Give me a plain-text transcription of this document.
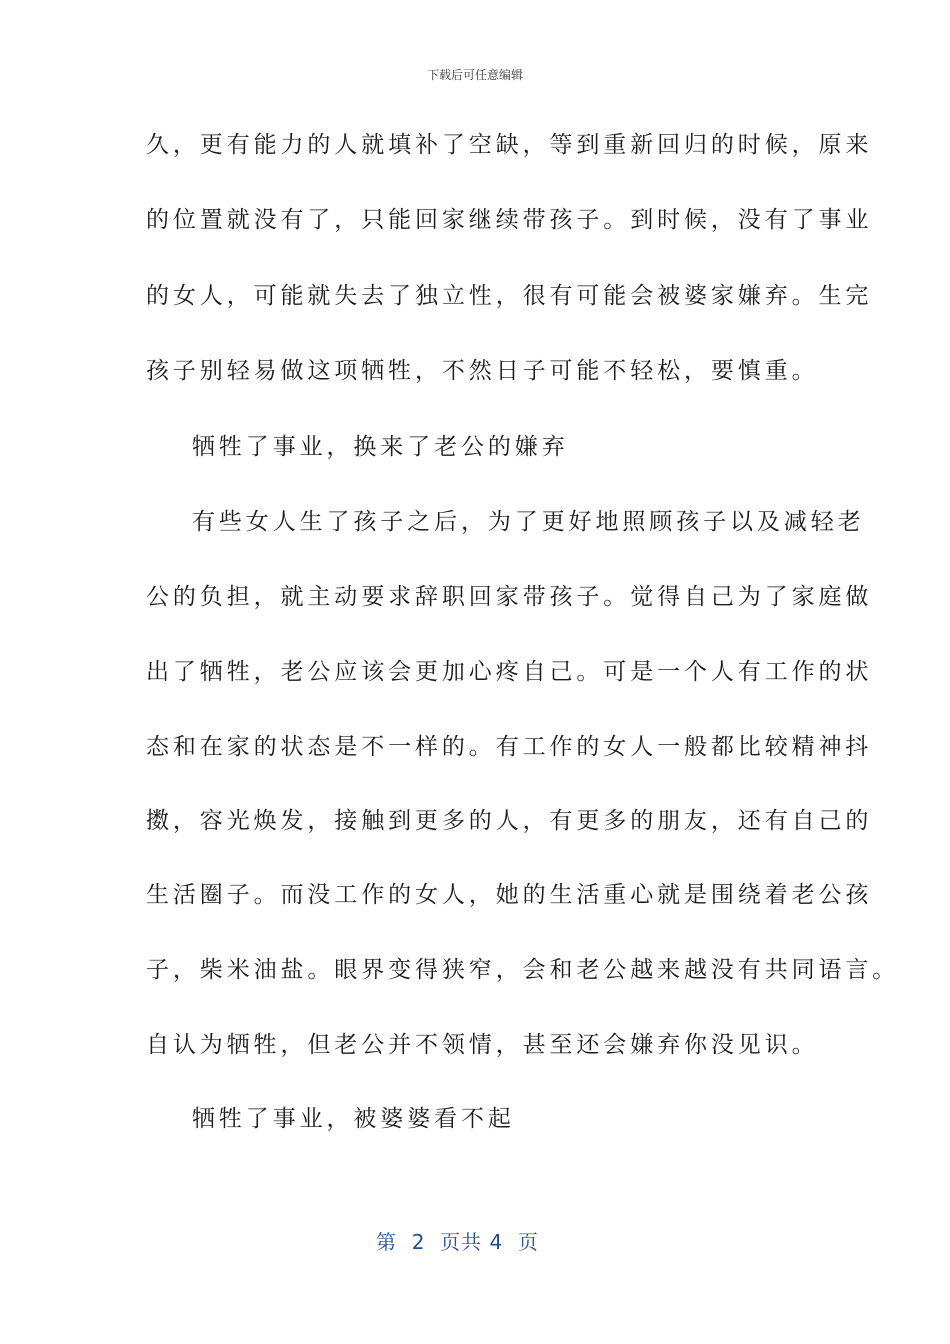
下载后可任意编辑
久，更有能力的人就填补了空缺，等到重新回归的时候，原来
的位置就没有了，只能回家继续带孩子。到时候，没有了事业
的女人，可能就失去了独立性，很有可能会被婆家嫌弃。生完
孩子别轻易做这项牺牲，不然日子可能不轻松，要慎重。
牺牲了事业，换来了老公的嫌弃
有些女人生了孩子之后，为了更好地照顾孩子以及减轻老
公的负担，就主动要求辞职回家带孩子。觉得自己为了家庭做
出了牺牲，老公应该会更加心疼自己。可是一个人有工作的状
态和在家的状态是不一样的。有工作的女人一般都比较精神抖
擞，容光焕发，接触到更多的人，有更多的朋友，还有自己的
生活圈子。而没工作的女人，她的生活重心就是围绕着老公孩
子，柴米油盐。眼界变得狭窄，会和老公越来越没有共同语言。
自认为牺牲，但老公并不领情，甚至还会嫌弃你没见识。
牺牲了事业，被婆婆看不起
第  2  页共 4  页
